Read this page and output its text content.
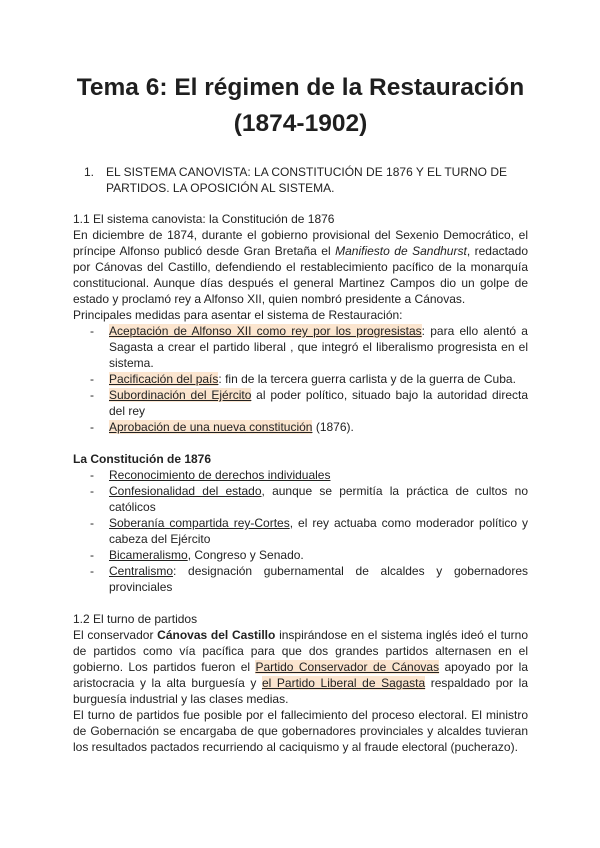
Tema 6: El régimen de la Restauración
(1874-1902)
1.	EL SISTEMA CANOVISTA: LA CONSTITUCIÓN DE 1876 Y EL TURNO DE PARTIDOS. LA OPOSICIÓN AL SISTEMA.

1.1 El sistema canovista: la Constitución de 1876

En diciembre de 1874, durante el gobierno provisional del Sexenio Democrático, el príncipe Alfonso publicó desde Gran Bretaña el Manifiesto de Sandhurst, redactado por Cánovas del Castillo, defendiendo el restablecimiento pacífico de la monarquía constitucional. Aunque días después el general Martinez Campos dio un golpe de estado y proclamó rey a Alfonso XII, quien nombró presidente a Cánovas.

Principales medidas para asentar el sistema de Restauración:

- Aceptación de Alfonso XII como rey por los progresistas: para ello alentó a Sagasta a crear el partido liberal , que integró el liberalismo progresista en el sistema.
- Pacificación del país: fin de la tercera guerra carlista y de la guerra de Cuba.
- Subordinación del Ejército al poder político, situado bajo la autoridad directa del rey
- Aprobación de una nueva constitución (1876).

La Constitución de 1876

- Reconocimiento de derechos individuales
- Confesionalidad del estado, aunque se permitía la práctica de cultos no católicos
- Soberanía compartida rey-Cortes, el rey actuaba como moderador político y cabeza del Ejército
- Bicameralismo, Congreso y Senado.
- Centralismo: designación gubernamental de alcaldes y gobernadores provinciales

1.2 El turno de partidos

El conservador Cánovas del Castillo inspirándose en el sistema inglés ideó el turno de partidos como vía pacífica para que dos grandes partidos alternasen en el gobierno. Los partidos fueron el Partido Conservador de Cánovas apoyado por la aristocracia y la alta burguesía y el Partido Liberal de Sagasta respaldado por la burguesía industrial y las clases medias.

El turno de partidos fue posible por el fallecimiento del proceso electoral. El ministro de Gobernación se encargaba de que gobernadores provinciales y alcaldes tuvieran los resultados pactados recurriendo al caciquismo y al fraude electoral (pucherazo).
